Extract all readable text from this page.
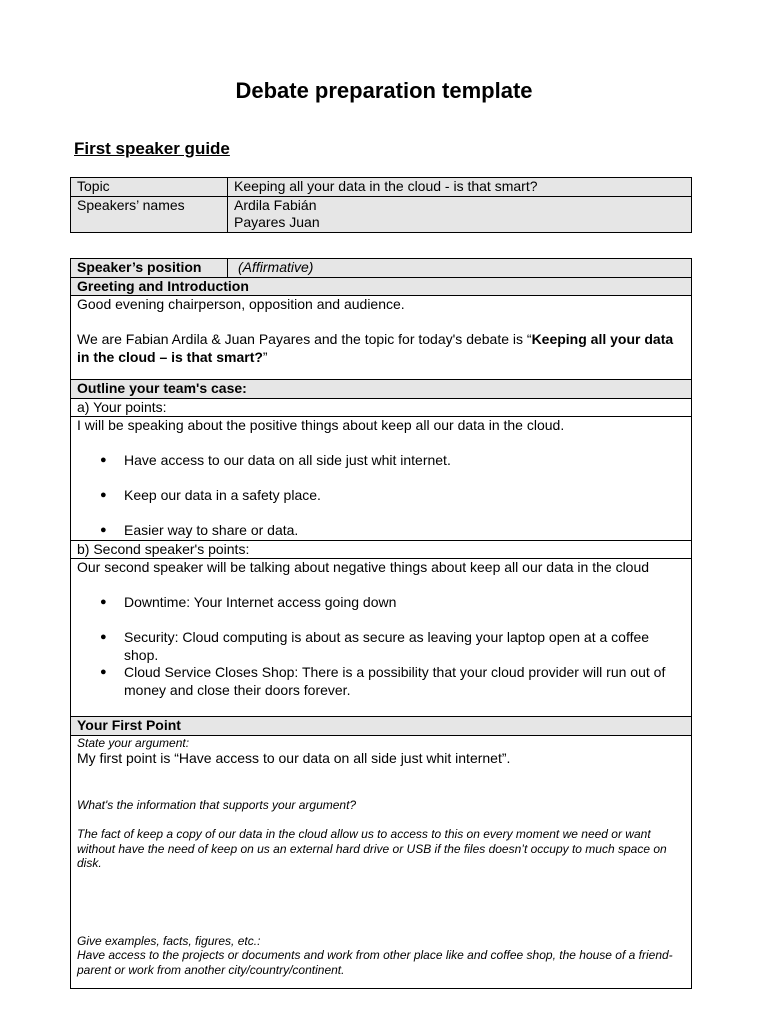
Debate preparation template
First speaker guide
Topic	Keeping all your data in the cloud - is that smart?
Speakers’ names	Ardila Fabián
Payares Juan
Speaker’s position	(Affirmative)
Greeting and Introduction

Good evening chairperson, opposition and audience.

We are Fabian Ardila & Juan Payares and the topic for today's debate is “Keeping all your data in the cloud – is that smart?”

Outline your team's case:
a) Your points:

I will be speaking about the positive things about keep all our data in the cloud.

● Have access to our data on all side just whit internet.
● Keep our data in a safety place.
● Easier way to share or data.

b) Second speaker's points:

Our second speaker will be talking about negative things about keep all our data in the cloud

● Downtime: Your Internet access going down
● Security: Cloud computing is about as secure as leaving your laptop open at a coffee shop.
● Cloud Service Closes Shop: There is a possibility that your cloud provider will run out of money and close their doors forever.

Your First Point

State your argument:

My first point is “Have access to our data on all side just whit internet”.

What's the information that supports your argument?
The fact of keep a copy of our data in the cloud allow us to access to this on every moment we need or want without have the need of keep on us an external hard drive or USB if the files doesn’t occupy to much space on disk.
Give examples, facts, figures, etc.:
Have access to the projects or documents and work from other place like and coffee shop, the house of a friend-parent or work from another city/country/continent.
